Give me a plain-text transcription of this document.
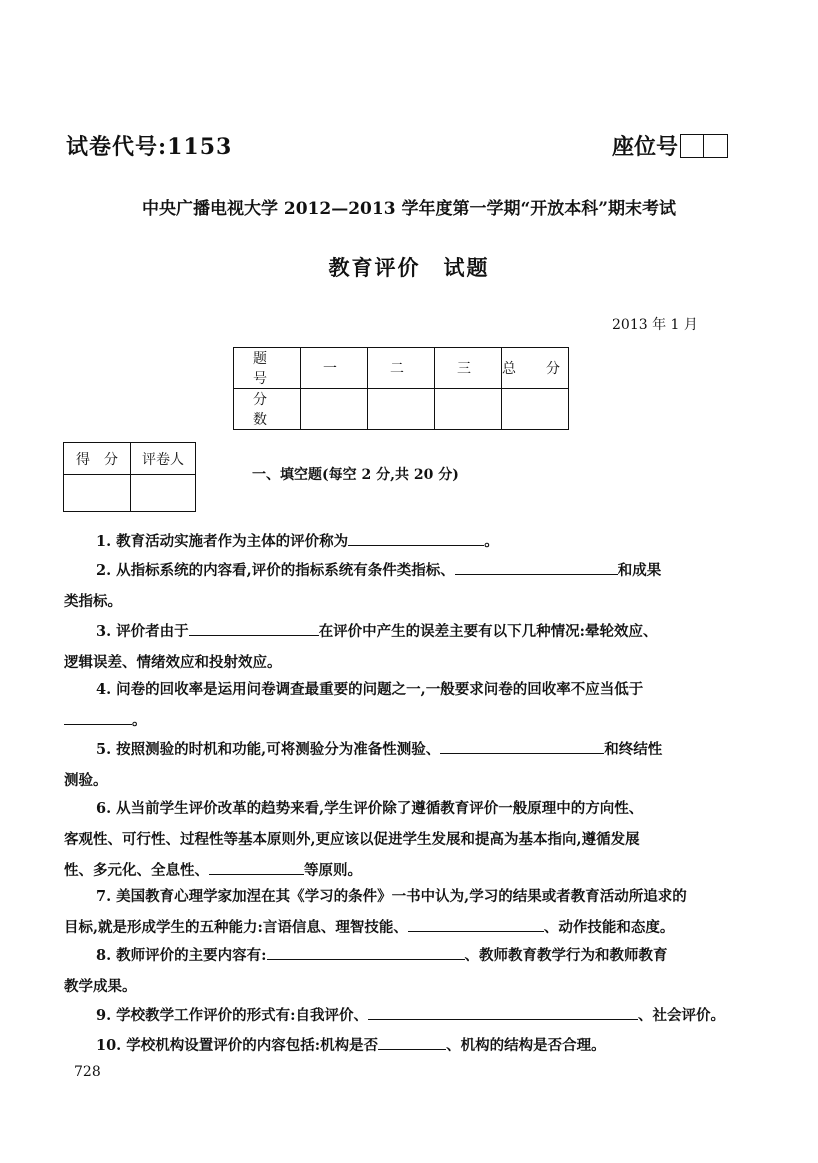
试卷代号:1153	座位号
中央广播电视大学 2012—2013 学年度第一学期“开放本科”期末考试
教育评价　试题
2013 年 1 月
题　号	一	二	三	总　分
分　数				
得　分	评卷人

一、填空题(每空 2 分,共 20 分)
1. 教育活动实施者作为主体的评价称为	。
2. 从指标系统的内容看,评价的指标系统有条件类指标、	和成果
类指标。
3. 评价者由于	在评价中产生的误差主要有以下几种情况:晕轮效应、
逻辑误差、情绪效应和投射效应。
4. 问卷的回收率是运用问卷调查最重要的问题之一,一般要求问卷的回收率不应当低于
。
5. 按照测验的时机和功能,可将测验分为准备性测验、	和终结性
测验。
6. 从当前学生评价改革的趋势来看,学生评价除了遵循教育评价一般原理中的方向性、
客观性、可行性、过程性等基本原则外,更应该以促进学生发展和提高为基本指向,遵循发展
性、多元化、全息性、	等原则。
7. 美国教育心理学家加涅在其《学习的条件》一书中认为,学习的结果或者教育活动所追求的
目标,就是形成学生的五种能力:言语信息、理智技能、	、动作技能和态度。
8. 教师评价的主要内容有:	、教师教育教学行为和教师教育
教学成果。
9. 学校教学工作评价的形式有:自我评价、	、社会评价。
10. 学校机构设置评价的内容包括:机构是否	、机构的结构是否合理。
728
